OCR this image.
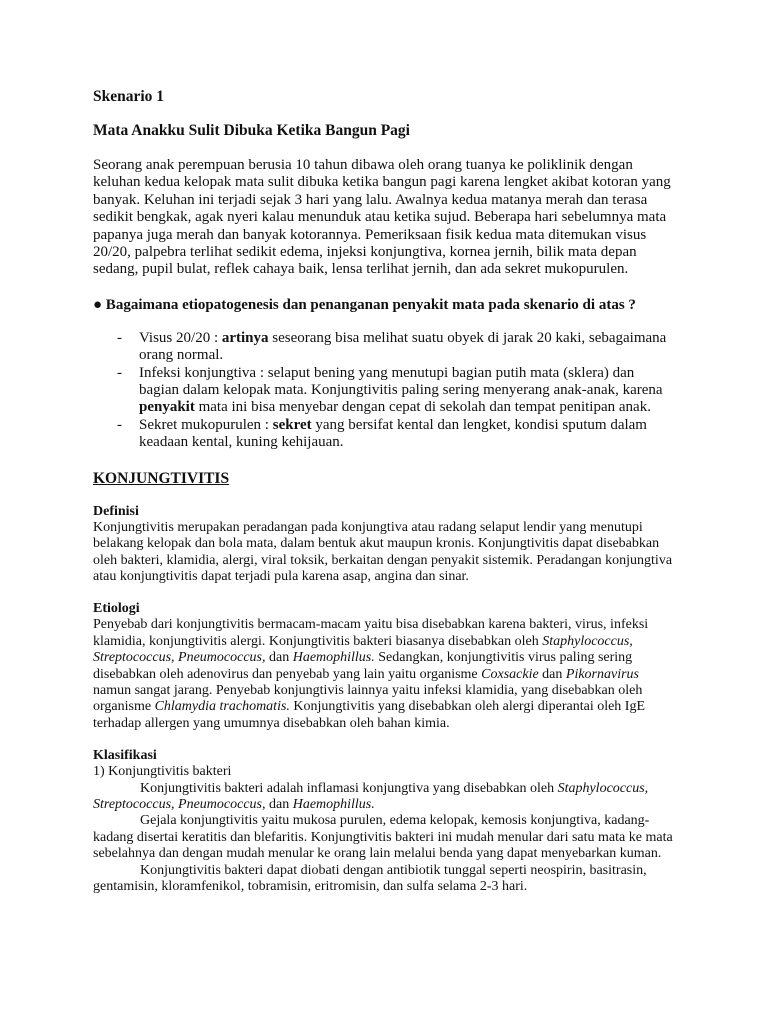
Skenario 1
Mata Anakku Sulit Dibuka Ketika Bangun Pagi

Seorang anak perempuan berusia 10 tahun dibawa oleh orang tuanya ke poliklinik dengan keluhan kedua kelopak mata sulit dibuka ketika bangun pagi karena lengket akibat kotoran yang banyak. Keluhan ini terjadi sejak 3 hari yang lalu. Awalnya kedua matanya merah dan terasa sedikit bengkak, agak nyeri kalau menunduk atau ketika sujud. Beberapa hari sebelumnya mata papanya juga merah dan banyak kotorannya. Pemeriksaan fisik kedua mata ditemukan visus 20/20, palpebra terlihat sedikit edema, injeksi konjungtiva, kornea jernih, bilik mata depan sedang, pupil bulat, reflek cahaya baik, lensa terlihat jernih, dan ada sekret mukopurulen.

● Bagaimana etiopatogenesis dan penanganan penyakit mata pada skenario di atas ?

- Visus 20/20 : artinya seseorang bisa melihat suatu obyek di jarak 20 kaki, sebagaimana orang normal.
- Infeksi konjungtiva : selaput bening yang menutupi bagian putih mata (sklera) dan bagian dalam kelopak mata. Konjungtivitis paling sering menyerang anak-anak, karena penyakit mata ini bisa menyebar dengan cepat di sekolah dan tempat penitipan anak.
- Sekret mukopurulen : sekret yang bersifat kental dan lengket, kondisi sputum dalam keadaan kental, kuning kehijauan.
KONJUNGTIVITIS
Definisi

Konjungtivitis merupakan peradangan pada konjungtiva atau radang selaput lendir yang menutupi belakang kelopak dan bola mata, dalam bentuk akut maupun kronis. Konjungtivitis dapat disebabkan oleh bakteri, klamidia, alergi, viral toksik, berkaitan dengan penyakit sistemik. Peradangan konjungtiva atau konjungtivitis dapat terjadi pula karena asap, angina dan sinar.

Etiologi

Penyebab dari konjungtivitis bermacam-macam yaitu bisa disebabkan karena bakteri, virus, infeksi klamidia, konjungtivitis alergi. Konjungtivitis bakteri biasanya disebabkan oleh Staphylococcus, Streptococcus, Pneumococcus, dan Haemophillus. Sedangkan, konjungtivitis virus paling sering disebabkan oleh adenovirus dan penyebab yang lain yaitu organisme Coxsackie dan Pikornavirus namun sangat jarang. Penyebab konjungtivis lainnya yaitu infeksi klamidia, yang disebabkan oleh organisme Chlamydia trachomatis. Konjungtivitis yang disebabkan oleh alergi diperantai oleh IgE terhadap allergen yang umumnya disebabkan oleh bahan kimia.

Klasifikasi

1) Konjungtivitis bakteri

Konjungtivitis bakteri adalah inflamasi konjungtiva yang disebabkan oleh Staphylococcus, Streptococcus, Pneumococcus, dan Haemophillus.

Gejala konjungtivitis yaitu mukosa purulen, edema kelopak, kemosis konjungtiva, kadang-kadang disertai keratitis dan blefaritis. Konjungtivitis bakteri ini mudah menular dari satu mata ke mata sebelahnya dan dengan mudah menular ke orang lain melalui benda yang dapat menyebarkan kuman.

Konjungtivitis bakteri dapat diobati dengan antibiotik tunggal seperti neospirin, basitrasin, gentamisin, kloramfenikol, tobramisin, eritromisin, dan sulfa selama 2-3 hari.
